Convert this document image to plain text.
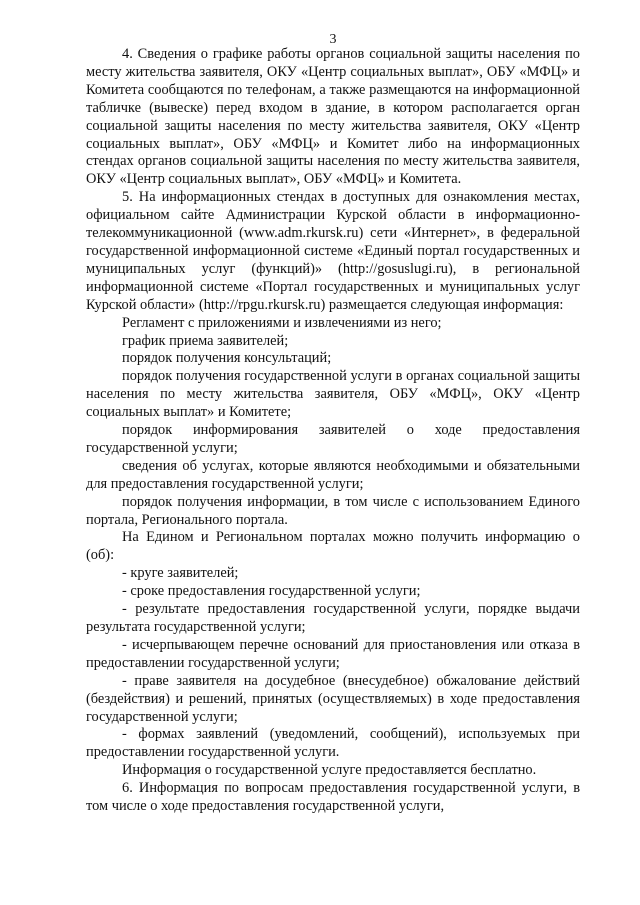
3

4. Сведения о графике работы органов социальной защиты населения по месту жительства заявителя, ОКУ «Центр социальных выплат», ОБУ «МФЦ» и Комитета сообщаются по телефонам, а также размещаются на информационной табличке (вывеске) перед входом в здание, в котором располагается орган социальной защиты населения по месту жительства заявителя, ОКУ «Центр социальных выплат», ОБУ «МФЦ» и Комитет либо на информационных стендах органов социальной защиты населения по месту жительства заявителя, ОКУ «Центр социальных выплат», ОБУ «МФЦ» и Комитета.

5. На информационных стендах в доступных для ознакомления местах, официальном сайте Администрации Курской области в информационно- телекоммуникационной (www.adm.rkursk.ru) сети «Интернет», в федеральной государственной информационной системе «Единый портал государственных и муниципальных услуг (функций)» (http://gosuslugi.ru), в региональной информационной системе «Портал государственных и муниципальных услуг Курской области» (http://rpgu.rkursk.ru) размещается следующая информация:

Регламент с приложениями и извлечениями из него;

график приема заявителей;

порядок получения консультаций;

порядок получения государственной услуги в органах социальной защиты населения по месту жительства заявителя, ОБУ «МФЦ», ОКУ «Центр социальных выплат» и Комитете;

порядок информирования заявителей о ходе предоставления государственной услуги;

сведения об услугах, которые являются необходимыми и обязательными для предоставления государственной услуги;

порядок получения информации, в том числе с использованием Единого портала, Регионального портала.

На Едином и Региональном порталах можно получить информацию о (об):

- круге заявителей;

- сроке предоставления государственной услуги;

- результате предоставления государственной услуги, порядке выдачи результата государственной услуги;

- исчерпывающем перечне оснований для приостановления или отказа в предоставлении государственной услуги;

- праве заявителя на досудебное (внесудебное) обжалование действий (бездействия) и решений, принятых (осуществляемых) в ходе предоставления государственной услуги;

- формах заявлений (уведомлений, сообщений), используемых при предоставлении государственной услуги.

Информация о государственной услуге предоставляется бесплатно.

6. Информация по вопросам предоставления государственной услуги, в том числе о ходе предоставления государственной услуги,
